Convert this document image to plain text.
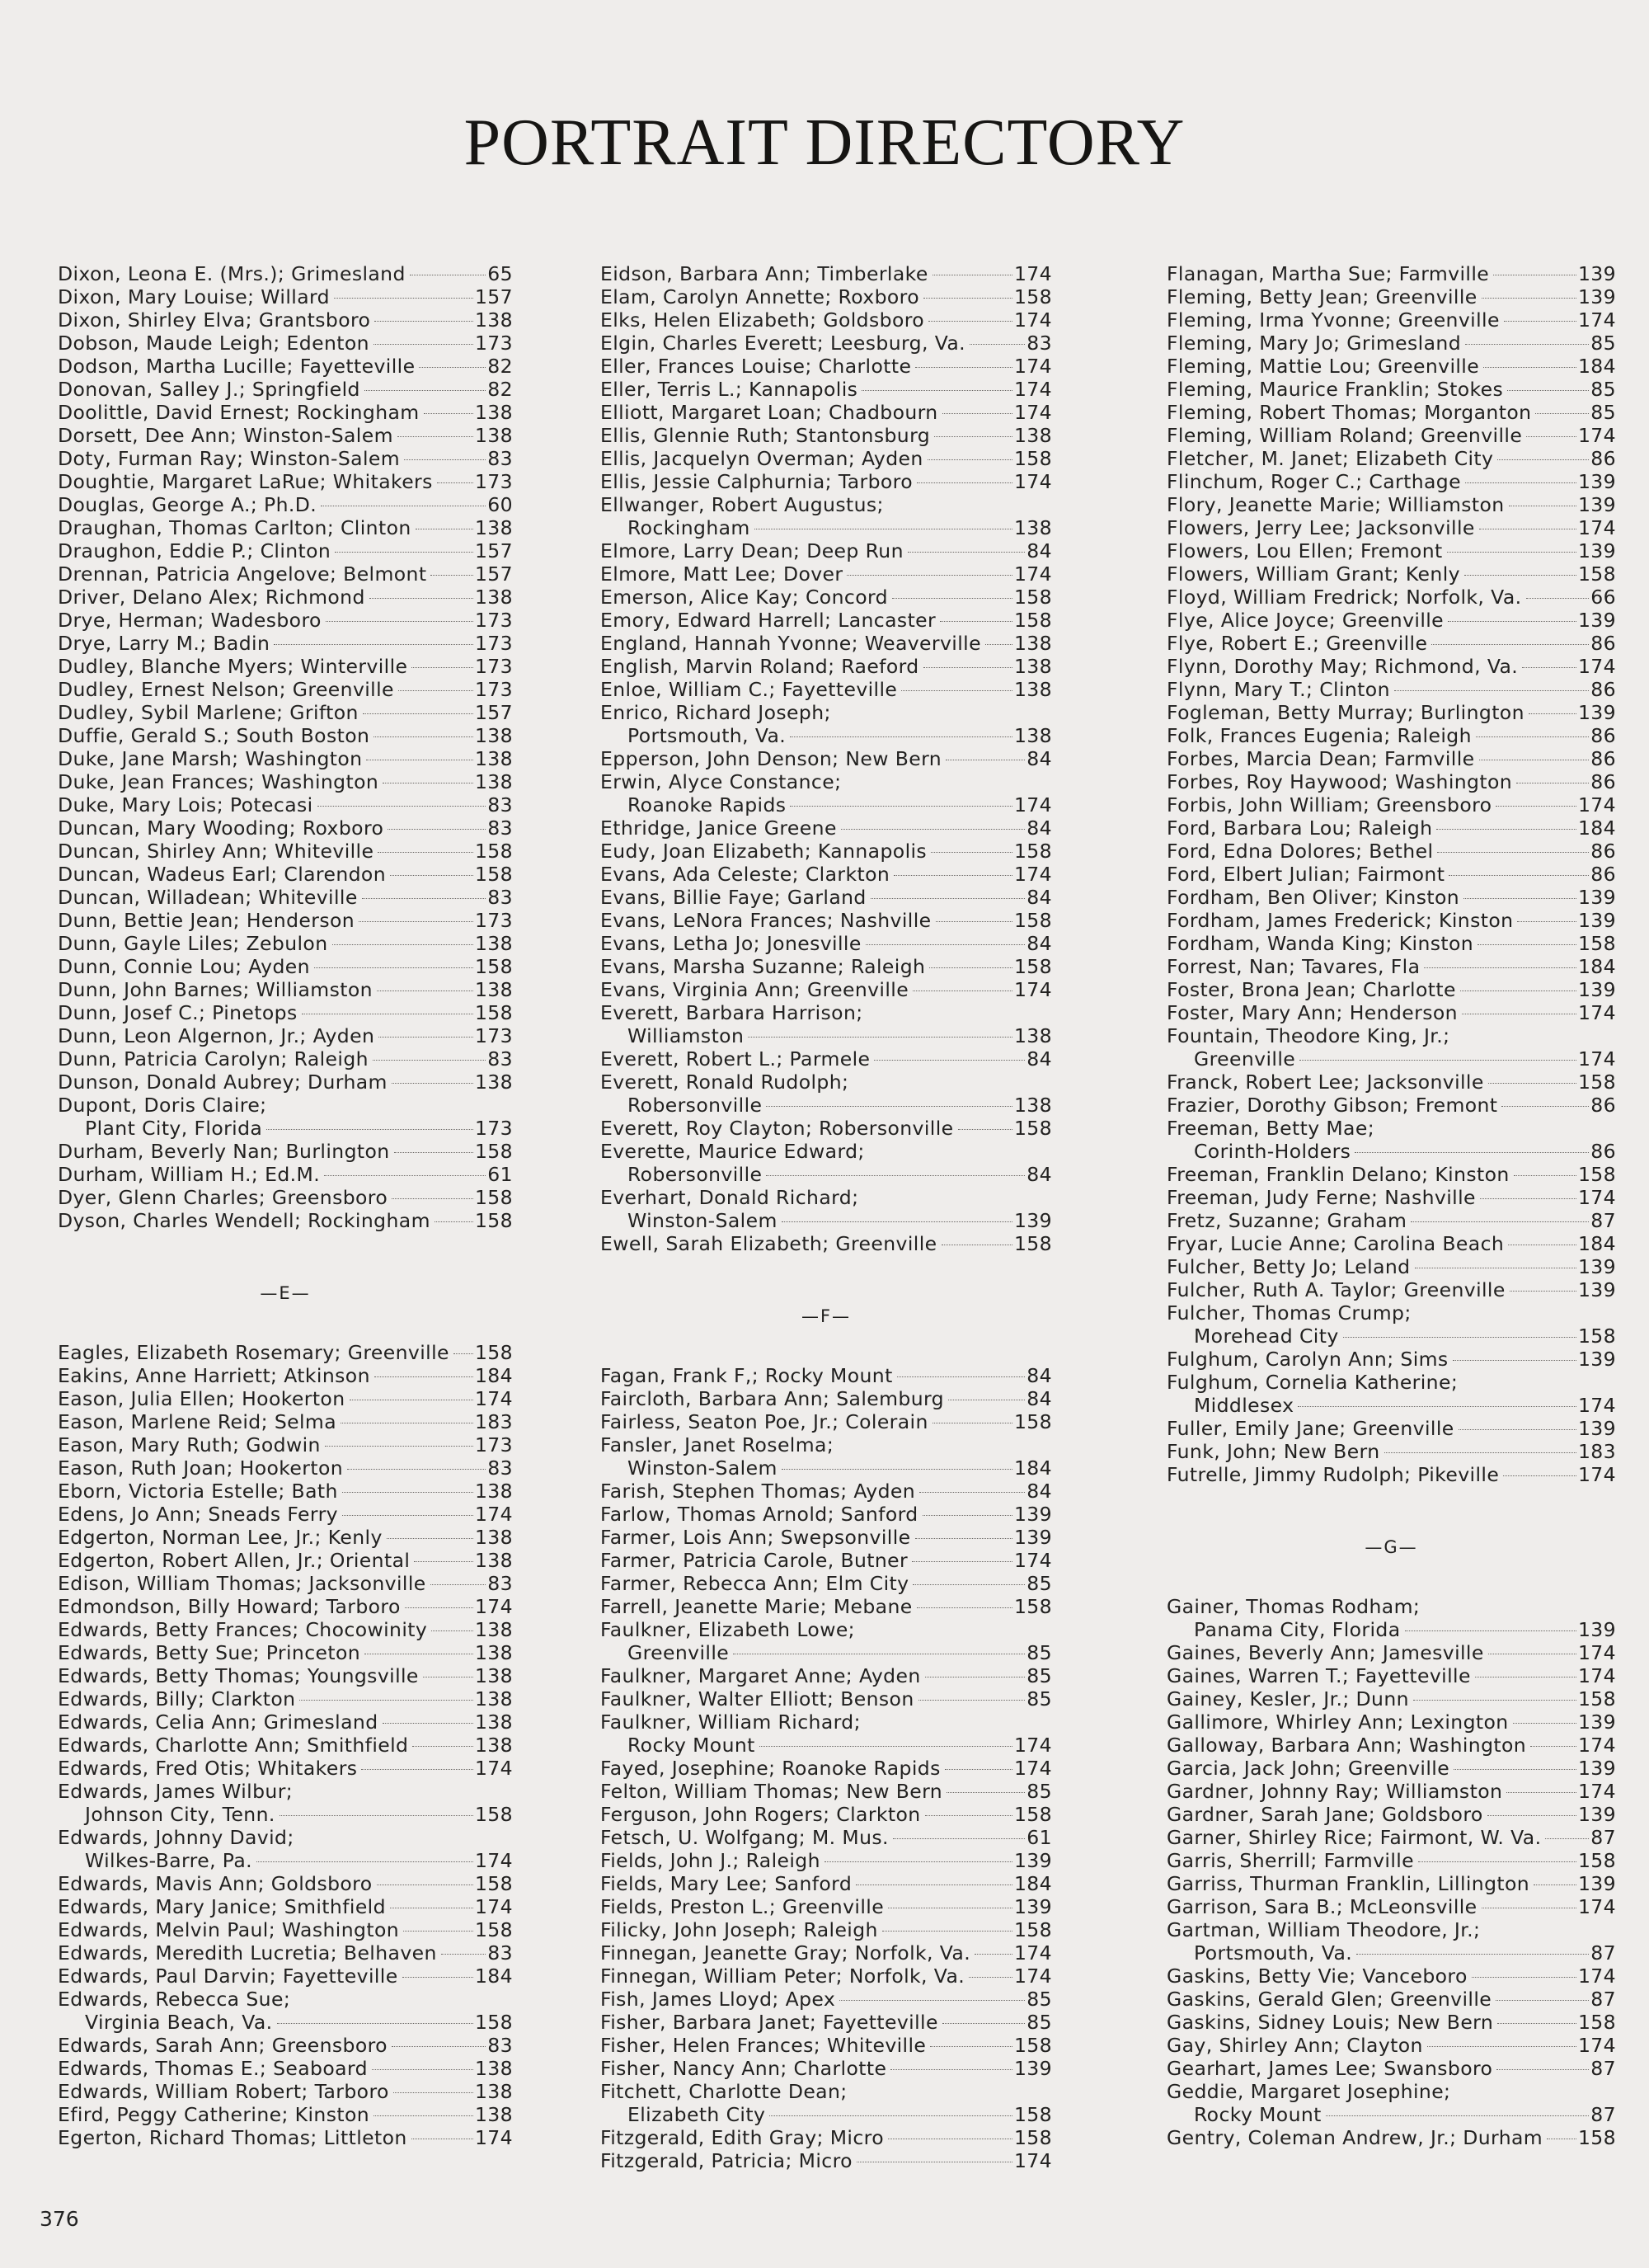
PORTRAIT DIRECTORY
Dixon, Leona E. (Mrs.); Grimesland	65
Dixon, Mary Louise; Willard	157
Dixon, Shirley Elva; Grantsboro	138
Dobson, Maude Leigh; Edenton	173
Dodson, Martha Lucille; Fayetteville	82
Donovan, Salley J.; Springfield	82
Doolittle, David Ernest; Rockingham	138
Dorsett, Dee Ann; Winston-Salem	138
Doty, Furman Ray; Winston-Salem	83
Doughtie, Margaret LaRue; Whitakers 173
Douglas, George A.; Ph.D.	60
Draughan, Thomas Carlton; Clinton	138
Draughon, Eddie P.; Clinton	157
Drennan, Patricia Angelove; Belmont 157
Driver, Delano Alex; Richmond	138
Drye, Herman; Wadesboro	173
Drye, Larry M.; Badin	173
Dudley, Blanche Myers; Winterville	173
Dudley, Ernest Nelson; Greenville	173
Dudley, Sybil Marlene; Grifton	157
Duffie, Gerald S.; South Boston	138
Duke, Jane Marsh; Washington	138
Duke, Jean Frances; Washington	138
Duke, Mary Lois; Potecasi	83
Duncan, Mary Wooding; Roxboro	83
Duncan, Shirley Ann; Whiteville	158
Duncan, Wadeus Earl; Clarendon	158
Duncan, Willadean; Whiteville	83
Dunn, Bettie Jean; Henderson	173
Dunn, Gayle Liles; Zebulon	138
Dunn, Connie Lou; Ayden	158
Dunn, John Barnes; Williamston	138
Dunn, Josef C.; Pinetops	158
Dunn, Leon Algernon, Jr.; Ayden	173
Dunn, Patricia Carolyn; Raleigh	83
Dunson, Donald Aubrey; Durham	138
Dupont, Doris Claire;
Plant City, Florida	173
Durham, Beverly Nan; Burlington	158
Durham, William H.; Ed.M.	61
Dyer, Glenn Charles; Greensboro	158
Dyson, Charles Wendell; Rockingham 158
—E—
Eagles, Elizabeth Rosemary; Greenville 158
Eakins, Anne Harriett; Atkinson	184
Eason, Julia Ellen; Hookerton	174
Eason, Marlene Reid; Selma	183
Eason, Mary Ruth; Godwin	173
Eason, Ruth Joan; Hookerton	83
Eborn, Victoria Estelle; Bath	138
Edens, Jo Ann; Sneads Ferry	174
Edgerton, Norman Lee, Jr.; Kenly	138
Edgerton, Robert Allen, Jr.; Oriental	138
Edison, William Thomas; Jacksonville	83
Edmondson, Billy Howard; Tarboro	174
Edwards, Betty Frances; Chocowinity 138
Edwards, Betty Sue; Princeton	138
Edwards, Betty Thomas; Youngsville	138
Edwards, Billy; Clarkton	138
Edwards, Celia Ann; Grimesland	138
Edwards, Charlotte Ann; Smithfield	138
Edwards, Fred Otis; Whitakers	174
Edwards, James Wilbur;
Johnson City, Tenn.	158
Edwards, Johnny David;
Wilkes-Barre, Pa.	174
Edwards, Mavis Ann; Goldsboro	158
Edwards, Mary Janice; Smithfield	174
Edwards, Melvin Paul; Washington	158
Edwards, Meredith Lucretia; Belhaven	83
Edwards, Paul Darvin; Fayetteville	184
Edwards, Rebecca Sue;
Virginia Beach, Va.	158
Edwards, Sarah Ann; Greensboro	83
Edwards, Thomas E.; Seaboard	138
Edwards, William Robert; Tarboro	138
Efird, Peggy Catherine; Kinston	138
Egerton, Richard Thomas; Littleton	174
Eidson, Barbara Ann; Timberlake	174
Elam, Carolyn Annette; Roxboro	158
Elks, Helen Elizabeth; Goldsboro	174
Elgin, Charles Everett; Leesburg, Va.	83
Eller, Frances Louise; Charlotte	174
Eller, Terris L.; Kannapolis	174
Elliott, Margaret Loan; Chadbourn	174
Ellis, Glennie Ruth; Stantonsburg	138
Ellis, Jacquelyn Overman; Ayden	158
Ellis, Jessie Calphurnia; Tarboro	174
Ellwanger, Robert Augustus;
Rockingham	138
Elmore, Larry Dean; Deep Run	84
Elmore, Matt Lee; Dover	174
Emerson, Alice Kay; Concord	158
Emory, Edward Harrell; Lancaster	158
England, Hannah Yvonne; Weaverville 138
English, Marvin Roland; Raeford	138
Enloe, William C.; Fayetteville	138
Enrico, Richard Joseph;
Portsmouth, Va.	138
Epperson, John Denson; New Bern	84
Erwin, Alyce Constance;
Roanoke Rapids	174
Ethridge, Janice Greene	84
Eudy, Joan Elizabeth; Kannapolis	158
Evans, Ada Celeste; Clarkton	174
Evans, Billie Faye; Garland	84
Evans, LeNora Frances; Nashville	158
Evans, Letha Jo; Jonesville	84
Evans, Marsha Suzanne; Raleigh	158
Evans, Virginia Ann; Greenville	174
Everett, Barbara Harrison;
Williamston	138
Everett, Robert L.; Parmele	84
Everett, Ronald Rudolph;
Robersonville	138
Everett, Roy Clayton; Robersonville	158
Everette, Maurice Edward;
Robersonville	84
Everhart, Donald Richard;
Winston-Salem	139
Ewell, Sarah Elizabeth; Greenville	158
—F—
Fagan, Frank F,; Rocky Mount	84
Faircloth, Barbara Ann; Salemburg	84
Fairless, Seaton Poe, Jr.; Colerain	158
Fansler, Janet Roselma;
Winston-Salem	184
Farish, Stephen Thomas; Ayden	84
Farlow, Thomas Arnold; Sanford	139
Farmer, Lois Ann; Swepsonville	139
Farmer, Patricia Carole, Butner	174
Farmer, Rebecca Ann; Elm City	85
Farrell, Jeanette Marie; Mebane	158
Faulkner, Elizabeth Lowe;
Greenville	85
Faulkner, Margaret Anne; Ayden	85
Faulkner, Walter Elliott; Benson	85
Faulkner, William Richard;
Rocky Mount	174
Fayed, Josephine; Roanoke Rapids	174
Felton, William Thomas; New Bern	85
Ferguson, John Rogers; Clarkton	158
Fetsch, U. Wolfgang; M. Mus.	61
Fields, John J.; Raleigh	139
Fields, Mary Lee; Sanford	184
Fields, Preston L.; Greenville	139
Filicky, John Joseph; Raleigh	158
Finnegan, Jeanette Gray; Norfolk, Va. 174
Finnegan, William Peter; Norfolk, Va.	174
Fish, James Lloyd; Apex	85
Fisher, Barbara Janet; Fayetteville	85
Fisher, Helen Frances; Whiteville	158
Fisher, Nancy Ann; Charlotte	139
Fitchett, Charlotte Dean;
Elizabeth City	158
Fitzgerald, Edith Gray; Micro	158
Fitzgerald, Patricia; Micro	174
Flanagan, Martha Sue; Farmville	139
Fleming, Betty Jean; Greenville	139
Fleming, Irma Yvonne; Greenville	174
Fleming, Mary Jo; Grimesland	85
Fleming, Mattie Lou; Greenville	184
Fleming, Maurice Franklin; Stokes	85
Fleming, Robert Thomas; Morganton	85
Fleming, William Roland; Greenville	174
Fletcher, M. Janet; Elizabeth City	86
Flinchum, Roger C.; Carthage	139
Flory, Jeanette Marie; Williamston	139
Flowers, Jerry Lee; Jacksonville	174
Flowers, Lou Ellen; Fremont	139
Flowers, William Grant; Kenly	158
Floyd, William Fredrick; Norfolk, Va.	66
Flye, Alice Joyce; Greenville	139
Flye, Robert E.; Greenville	86
Flynn, Dorothy May; Richmond, Va.	174
Flynn, Mary T.; Clinton	86
Fogleman, Betty Murray; Burlington	139
Folk, Frances Eugenia; Raleigh	86
Forbes, Marcia Dean; Farmville	86
Forbes, Roy Haywood; Washington	86
Forbis, John William; Greensboro	174
Ford, Barbara Lou; Raleigh	184
Ford, Edna Dolores; Bethel	86
Ford, Elbert Julian; Fairmont	86
Fordham, Ben Oliver; Kinston	139
Fordham, James Frederick; Kinston	139
Fordham, Wanda King; Kinston	158
Forrest, Nan; Tavares, Fla	184
Foster, Brona Jean; Charlotte	139
Foster, Mary Ann; Henderson	174
Fountain, Theodore King, Jr.;
Greenville	174
Franck, Robert Lee; Jacksonville	158
Frazier, Dorothy Gibson; Fremont	86
Freeman, Betty Mae;
Corinth-Holders	86
Freeman, Franklin Delano; Kinston	158
Freeman, Judy Ferne; Nashville	174
Fretz, Suzanne; Graham	87
Fryar, Lucie Anne; Carolina Beach	184
Fulcher, Betty Jo; Leland	139
Fulcher, Ruth A. Taylor; Greenville	139
Fulcher, Thomas Crump;
Morehead City	158
Fulghum, Carolyn Ann; Sims	139
Fulghum, Cornelia Katherine;
Middlesex	174
Fuller, Emily Jane; Greenville	139
Funk, John; New Bern	183
Futrelle, Jimmy Rudolph; Pikeville	174
—G—
Gainer, Thomas Rodham;
Panama City, Florida	139
Gaines, Beverly Ann; Jamesville	174
Gaines, Warren T.; Fayetteville	174
Gainey, Kesler, Jr.; Dunn	158
Gallimore, Whirley Ann; Lexington	139
Galloway, Barbara Ann; Washington	174
Garcia, Jack John; Greenville	139
Gardner, Johnny Ray; Williamston	174
Gardner, Sarah Jane; Goldsboro	139
Garner, Shirley Rice; Fairmont, W. Va.	87
Garris, Sherrill; Farmville	158
Garriss, Thurman Franklin, Lillington	139
Garrison, Sara B.; McLeonsville	174
Gartman, William Theodore, Jr.;
Portsmouth, Va.	87
Gaskins, Betty Vie; Vanceboro	174
Gaskins, Gerald Glen; Greenville	87
Gaskins, Sidney Louis; New Bern	158
Gay, Shirley Ann; Clayton	174
Gearhart, James Lee; Swansboro	87
Geddie, Margaret Josephine;
Rocky Mount	87
Gentry, Coleman Andrew, Jr.; Durham 158
376
